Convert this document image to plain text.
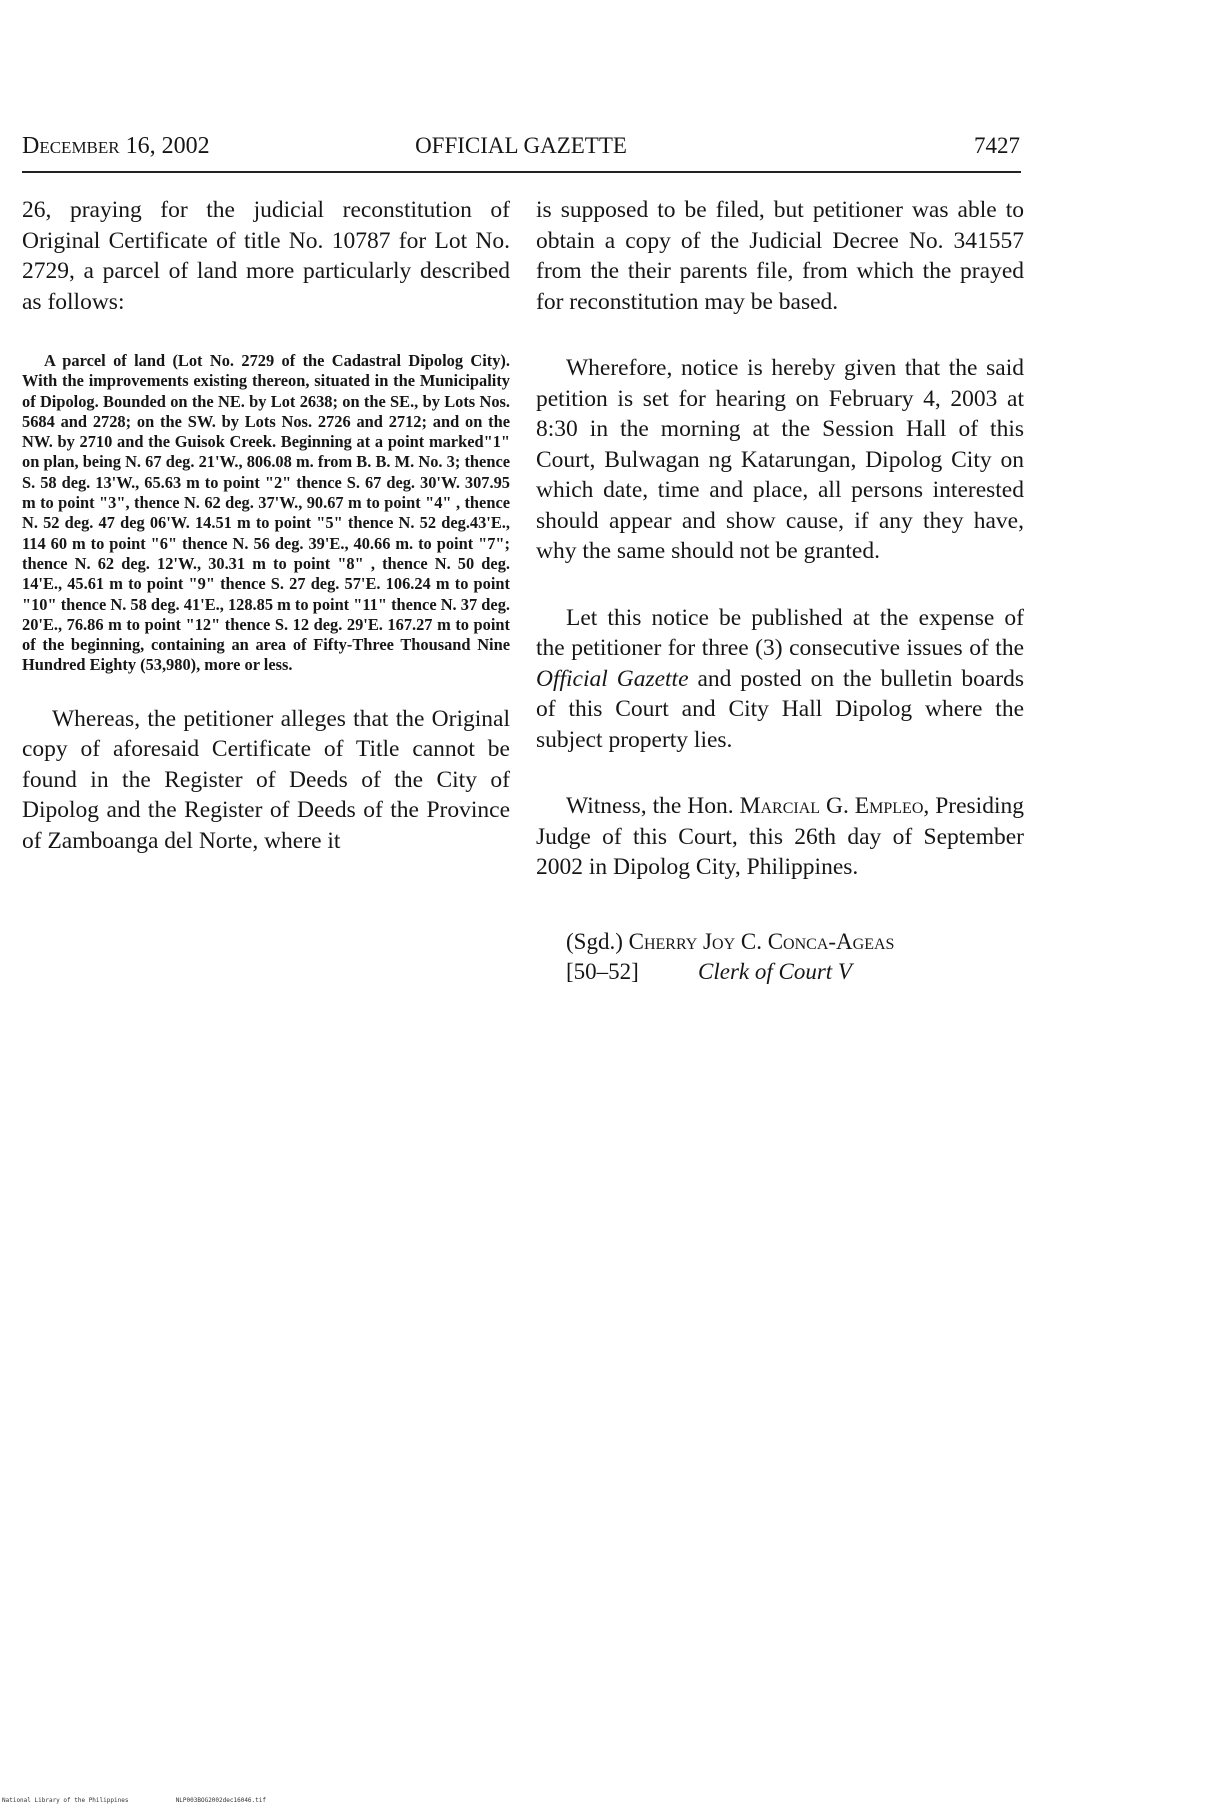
December 16, 2002	OFFICIAL GAZETTE	7427

26, praying for the judicial reconstitution of Original Certificate of title No. 10787 for Lot No. 2729, a parcel of land more particularly described as follows:

A parcel of land (Lot No. 2729 of the Cadastral Dipolog City). With the improvements existing thereon, situated in the Municipality of Dipolog. Bounded on the NE. by Lot 2638; on the SE., by Lots Nos. 5684 and 2728; on the SW. by Lots Nos. 2726 and 2712; and on the NW. by 2710 and the Guisok Creek. Beginning at a point marked"1" on plan, being N. 67 deg. 21'W., 806.08 m. from B. B. M. No. 3; thence S. 58 deg. 13'W., 65.63 m to point "2" thence S. 67 deg. 30'W. 307.95 m to point "3", thence N. 62 deg. 37'W., 90.67 m to point "4" , thence N. 52 deg. 47 deg 06'W. 14.51 m to point "5" thence N. 52 deg.43'E., 114 60 m to point "6" thence N. 56 deg. 39'E., 40.66 m. to point "7"; thence N. 62 deg. 12'W., 30.31 m to point "8" , thence N. 50 deg. 14'E., 45.61 m to point "9" thence S. 27 deg. 57'E. 106.24 m to point "10" thence N. 58 deg. 41'E., 128.85 m to point "11" thence N. 37 deg. 20'E., 76.86 m to point "12" thence S. 12 deg. 29'E. 167.27 m to point of the beginning, containing an area of Fifty-Three Thousand Nine Hundred Eighty (53,980), more or less.

Whereas, the petitioner alleges that the Original copy of aforesaid Certificate of Title cannot be found in the Register of Deeds of the City of Dipolog and the Register of Deeds of the Province of Zamboanga del Norte, where it

is supposed to be filed, but petitioner was able to obtain a copy of the Judicial Decree No. 341557 from the their parents file, from which the prayed for reconstitution may be based.

Wherefore, notice is hereby given that the said petition is set for hearing on February 4, 2003 at 8:30 in the morning at the Session Hall of this Court, Bulwagan ng Katarungan, Dipolog City on which date, time and place, all persons interested should appear and show cause, if any they have, why the same should not be granted.

Let this notice be published at the expense of the petitioner for three (3) consecutive issues of the Official Gazette and posted on the bulletin boards of this Court and City Hall Dipolog where the subject property lies.

Witness, the Hon. Marcial G. Empleo, Presiding Judge of this Court, this 26th day of September 2002 in Dipolog City, Philippines.

(Sgd.) Cherry Joy C. Conca-Ageas
[50–52]	Clerk of Court V
National Library of the Philippines	NLP003BOG2002dec16046.tif
